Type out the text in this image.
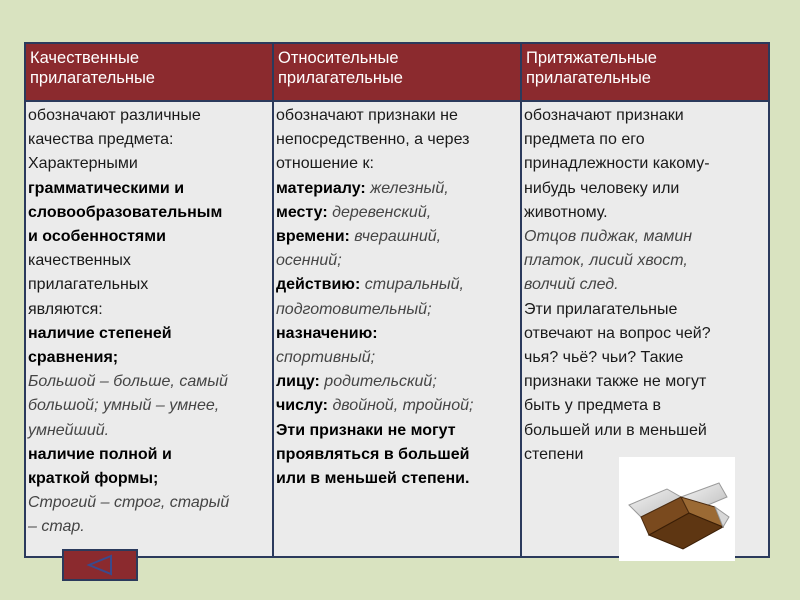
Качественные
прилагательные
Относительные
прилагательные
Притяжательные
прилагательные
обозначают различные
качества предмета:
Характерными
грамматическими и
словообразовательным
и особенностями
качественных
прилагательных
являются:
наличие степеней
сравнения;
Большой – больше, самый
большой; умный – умнее,
умнейший.
наличие полной и
краткой формы;
Строгий – строг, старый
– стар.
обозначают признаки не
непосредственно, а через
отношение к:
материалу: железный,
месту: деревенский,
времени: вчерашний,
осенний;
действию: стиральный,
подготовительный;
назначению:
спортивный;
лицу: родительский;
числу: двойной, тройной;
Эти признаки не могут
проявляться в большей
или в меньшей степени.
обозначают признаки
предмета по его
принадлежности какому-
нибудь человеку или
животному.
Отцов пиджак, мамин
платок, лисий хвост,
волчий след.
Эти прилагательные
отвечают на вопрос чей?
чья? чьё? чьи? Такие
признаки также не могут
быть у предмета в
большей или в меньшей
степени
